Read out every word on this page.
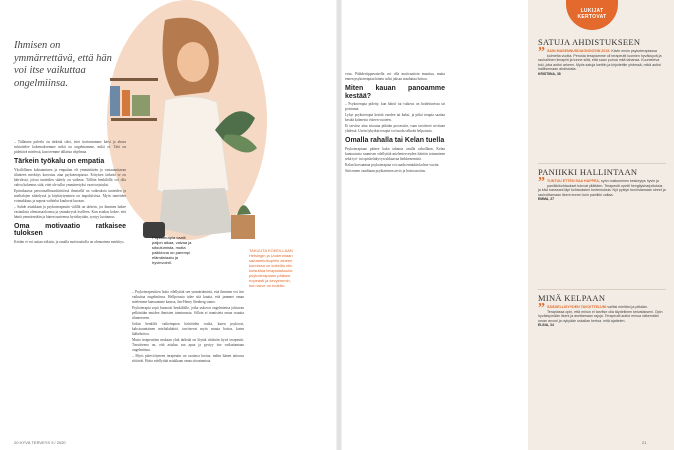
Ihmisen on ymmärrettävä, että hän voi itse vaikuttaa ongelmiinsa.

– Tällainen palvelu on tärkeää siksi, ettei itsetuntomme kärsi ja ahava suhtuttelee kokemuksemme mikä on ongelmamme, mikä ei. Tätä on pidettävä mielessä, kun teemme tällaista ohjelmaa.

Tärkein työkalu on empatia

Yksilöllinen kohtaaminen ja empatian eli ymmärtävän ja vastaanottavan tilanteen merkitys korostuu aina psykoterapiassa. Erityisen tärkeää se on häiriöissä, joissa tunteiden säätely on vaikeaa. Tällöin henkilöllä voi olla vahva kokemus siitä, ettei ole tullut ymmärretyksi vaan torjutuksi.

Epävakaassa persoonallisuushäiriössä ihmisellä on vaikeuksia tunteiden ja mielialojen säätelyssä ja käyttäytyminen on impulsiivista. Myös tunteiden voimakkuus ja nopeat vaihtelut kuuluvat kuvaan.

– Suhde asiakkaan ja psykoterapeutin välillä on tärkein, jos ihminen hakee vastauksia olemassaoloonsa ja ymmärrystä itselleen. Kun asiakas kokee, että häntä ymmärretään ja hänen tunteensa hyväksytään, syntyy luottamus.

Oma motivaatio ratkaisee tuloksen

Ketään ei voi auttaa väkisin, ja omalla motivaatiolla on olennainen merkitys.

Psykoterapia vaatii paljon aikaa, vaivaa ja sitoutumista, mutta palkkiona on parempi elämänlaatu ja hyvinvointi.

– Psykoterapeuttien hoito edellyttää sen ymmärtämistä, että ihminen voi itse vaikuttaa ongelmiinsa. Hellpotusta tulee sitä kautta, että jaamme oman mielemme kanssamme kanssa, Jan-Henry Stenberg sanoo.

Psykoterapia sopii huonosti henkilöille, jotka uskovat ongelmiensa johtuvan pelkästään muiden ihmisten toiminnasta. Silloin ei tunnisteta omaa osuutta tilanteeseen.

Jotkin henkilöt vaikeimpien häiriöiden osalta, kuten psykoosi, kaksisuuntainen mielialahäiriö, tarvitsevat myös muuta hoitoa, kuten lääkehoitoa.

Mutta terapeuttien mukaan yhtä tärkeää on löytää riittävän hyvä terapeutti. Tavoitteena on, että asiakas saa apua ja pystyy itse vaikuttamaan ongelmiinsa.

– Myös pätevöityneen terapeutin on osattava kertoa, mihin hänen taitonsa riittävät. Hoito edellyttää asiakkaan omaa sitoutumista.

TAKUUTA KOKEILLAAN Helsingin ja Uudenmaan sairaanhoitopiirin alueen kunnissa on kokeiltu niin kutsuttua terapiatakuuta: psykoterapiaan pääsee nopeasti ja kevyemmin, kun tarve on todettu.

vous. Päihderiippuvaisella voi olla motivaatiota muuttua, mutta ennen psykoterapiaa hänen tulisi jaksaa noudattaa hoitoa.

Miten kauan panoamme kestää?

– Psykoterapia pidetty, kun häiriö tai vaikeus on hoidettavissa tai poistunut.

Lyhyt psykoterapia kestää vuoden tai kaksi, ja pitkä terapia saattaa kestää kolmesta viiteen vuoteen.

Ei tarvitse aina sitoutua pitkään prosessiin, vaan tavoitteet sovitaan yhdessä. Usein lyhytkin terapia voi tuoda selkeää helpotusta.

Omalla rahalla tai Kelan tuella

Psykoterapiaan pääsee kuka tahansa omilla rahoillaan. Kelan kuntoutusta saamisen edellyttää mielenterveyden häiriön toteaminen sekä työ- tai opiskelukyvyn uhkaavaa heikkenemistä.

Kelan korvaamaa psykoterapiaa voi saada enintään kolme vuotta.

Sitä ennen vaaditaan psykiatrinen arvio ja hoitosuositus.

LUKIJAT KERTOVAT
SATUJA AHDISTUKSEEN
” SAIN MASENNUSDIAGNOOSIN 2015. Kävin ensin psykoterapiassa kolmetta vuotta. Perusta terapiamme oli terapeutti luomien hyväksyvä ja rauhallinen ilmapiiri ja tunne siitä, että saan puhua mitä tahansa. Kuunteleva tuki, joka auttoi arkeen. Myös satuja luettiin ja kirjoitettiin yhdessä, mikä auttoi hallitsemaan ahdistusta.
KRISTIINA, 38
PANIIKKI HALLINTAAN
” TUNTUU ETTEN SAA HAPPEA, syön nukkuminen keskeytys hyvin ja paniikkikohtaukset tulevat yllättäen. Terapeutti opetti hengitysharjoituksia ja kävi kanssani läpi kohtauksien tuntemuksia. Nyt pystyn tunnistamaan oireet ja rauhoittamaan itseni ennen kuin paniikki valtaa.
EMMA, 27
MINÄ KELPAAN
” SÄÄDELLISYYDEN TAVOITTELUNI vallitsi mieltäni ja pitkään. Terapiassa opin, että minun ei tarvitse olla täydellinen kelvatakseni. Opin hyväksymään itseni ja asettamaan rajoja. Terapeutti auttoi minua näkemään oman arvoni ja nykyään uskallan kertoa, mitä ajattelen.
ELINA, 34
20 HYVÄ TERVEYS 9 / 2020	21
